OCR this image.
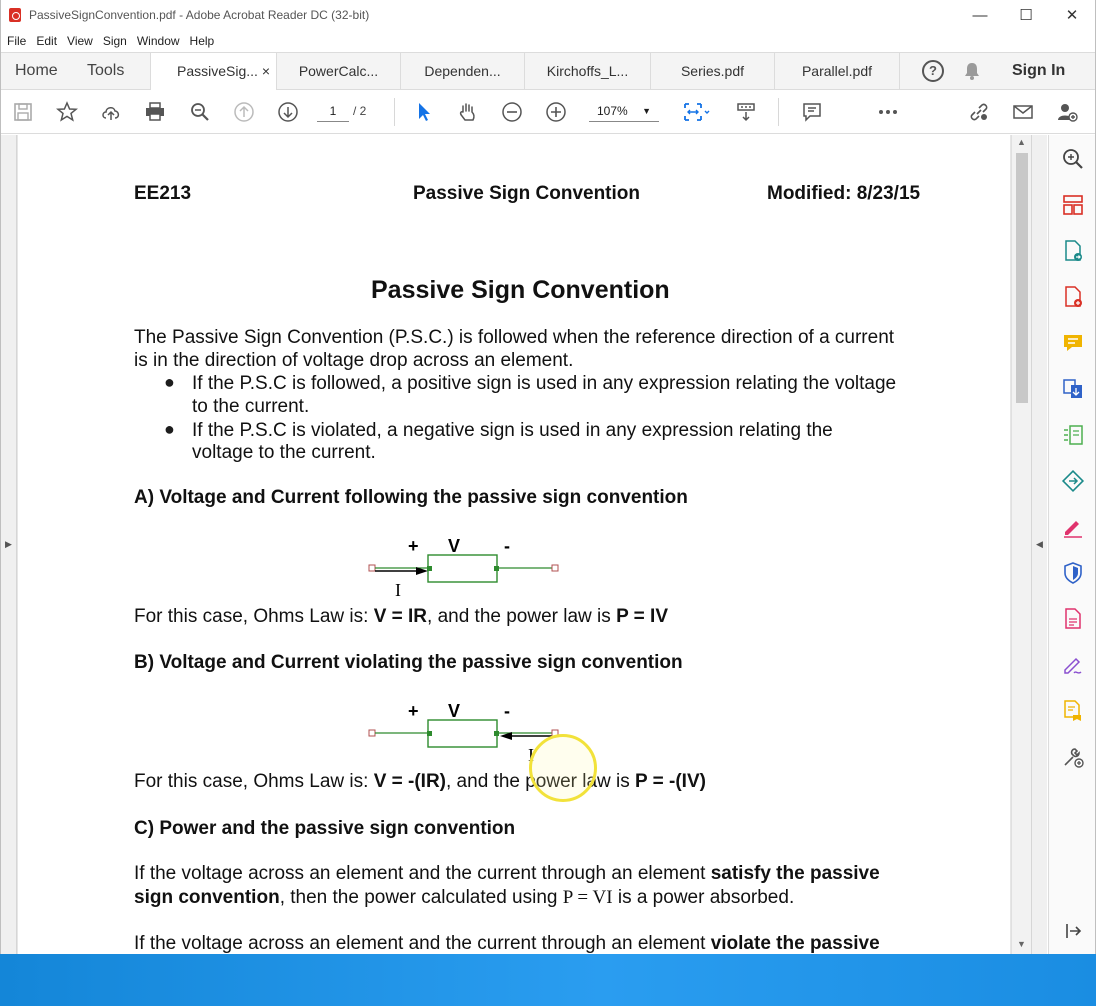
PassiveSignConvention.pdf - Adobe Acrobat Reader DC (32-bit)	—	☐	✕
File Edit View Sign Window Help
Home Tools	PassiveSig... ×	PowerCalc...	Dependen...	Kirchoffs_L...	Series.pdf	Parallel.pdf	?	Sign In
1	/ 2	107% ▼
▶
EE213	Passive Sign Convention	Modified: 8/23/15
Passive Sign Convention
The Passive Sign Convention (P.S.C.) is followed when the reference direction of a current
is in the direction of voltage drop across an element.
● If the P.S.C is followed, a positive sign is used in any expression relating the voltage
to the current.
● If the P.S.C is violated, a negative sign is used in any expression relating the
voltage to the current.
A) Voltage and Current following the passive sign convention
+ V -
I
For this case, Ohms Law is: V = IR, and the power law is P = IV
B) Voltage and Current violating the passive sign convention
+ V -
I
For this case, Ohms Law is: V = -(IR), and the power law is P = -(IV)
C) Power and the passive sign convention
If the voltage across an element and the current through an element satisfy the passive
sign convention, then the power calculated using P = VI is a power absorbed.
If the voltage across an element and the current through an element violate the passive
▲
▼
◀
